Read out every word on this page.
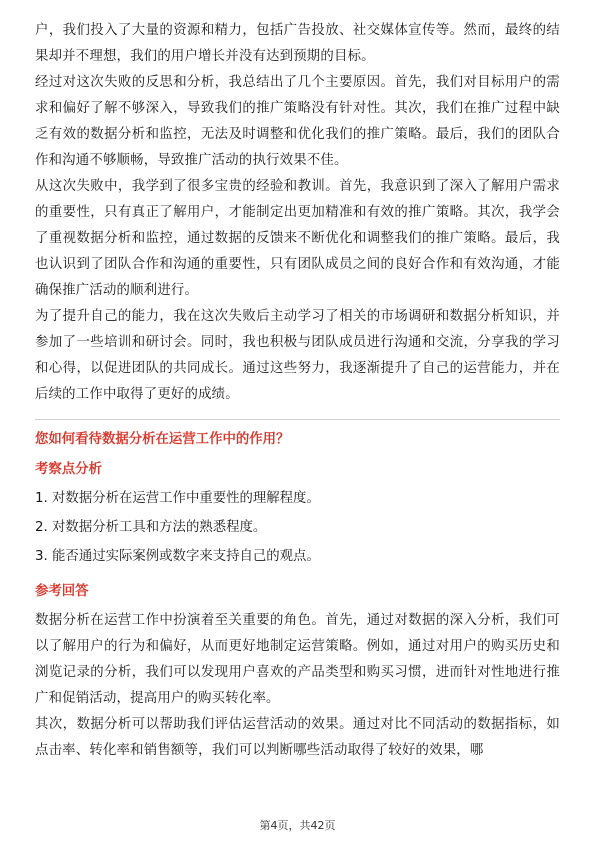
户，我们投入了大量的资源和精力，包括广告投放、社交媒体宣传等。然而，最终的结果却并不理想，我们的用户增长并没有达到预期的目标。

经过对这次失败的反思和分析，我总结出了几个主要原因。首先，我们对目标用户的需求和偏好了解不够深入，导致我们的推广策略没有针对性。其次，我们在推广过程中缺乏有效的数据分析和监控，无法及时调整和优化我们的推广策略。最后，我们的团队合作和沟通不够顺畅，导致推广活动的执行效果不佳。

从这次失败中，我学到了很多宝贵的经验和教训。首先，我意识到了深入了解用户需求的重要性，只有真正了解用户，才能制定出更加精准和有效的推广策略。其次，我学会了重视数据分析和监控，通过数据的反馈来不断优化和调整我们的推广策略。最后，我也认识到了团队合作和沟通的重要性，只有团队成员之间的良好合作和有效沟通，才能确保推广活动的顺利进行。

为了提升自己的能力，我在这次失败后主动学习了相关的市场调研和数据分析知识，并参加了一些培训和研讨会。同时，我也积极与团队成员进行沟通和交流，分享我的学习和心得，以促进团队的共同成长。通过这些努力，我逐渐提升了自己的运营能力，并在后续的工作中取得了更好的成绩。

您如何看待数据分析在运营工作中的作用？
考察点分析
1. 对数据分析在运营工作中重要性的理解程度。
2. 对数据分析工具和方法的熟悉程度。
3. 能否通过实际案例或数字来支持自己的观点。
参考回答

数据分析在运营工作中扮演着至关重要的角色。首先，通过对数据的深入分析，我们可以了解用户的行为和偏好，从而更好地制定运营策略。例如，通过对用户的购买历史和浏览记录的分析，我们可以发现用户喜欢的产品类型和购买习惯，进而针对性地进行推广和促销活动，提高用户的购买转化率。

其次，数据分析可以帮助我们评估运营活动的效果。通过对比不同活动的数据指标，如点击率、转化率和销售额等，我们可以判断哪些活动取得了较好的效果，哪

第4页，共42页
